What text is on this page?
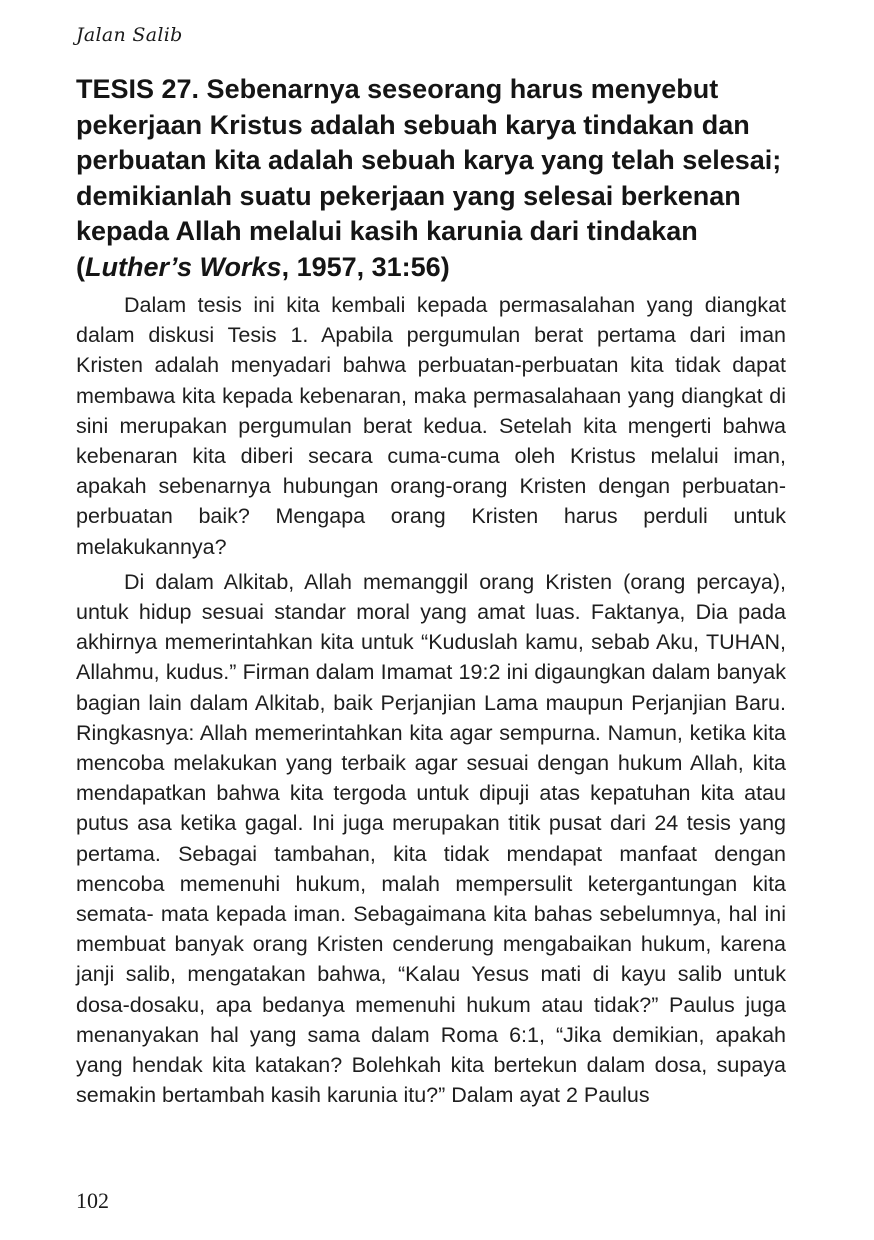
Jalan Salib
TESIS 27. Sebenarnya seseorang harus menyebut pekerjaan Kristus adalah sebuah karya tindakan dan perbuatan kita adalah sebuah karya yang telah selesai; demikianlah suatu pekerjaan yang selesai berkenan kepada Allah melalui kasih karunia dari tindakan (Luther’s Works, 1957, 31:56)

Dalam tesis ini kita kembali kepada permasalahan yang diangkat dalam diskusi Tesis 1. Apabila pergumulan berat pertama dari iman Kristen adalah menyadari bahwa perbuatan-perbuatan kita tidak dapat membawa kita kepada kebenaran, maka permasalahaan yang diangkat di sini merupakan pergumulan berat kedua. Setelah kita mengerti bahwa kebenaran kita diberi secara cuma-cuma oleh Kristus melalui iman, apakah sebenarnya hubungan orang-orang Kristen dengan perbuatan-perbuatan baik? Mengapa orang Kristen harus perduli untuk melakukannya?

Di dalam Alkitab, Allah memanggil orang Kristen (orang percaya), untuk hidup sesuai standar moral yang amat luas. Faktanya, Dia pada akhirnya memerintahkan kita untuk “Kuduslah kamu, sebab Aku, TUHAN, Allahmu, kudus.” Firman dalam Imamat 19:2 ini digaungkan dalam banyak bagian lain dalam Alkitab, baik Perjanjian Lama maupun Perjanjian Baru. Ringkasnya: Allah memerintahkan kita agar sempurna. Namun, ketika kita mencoba melakukan yang terbaik agar sesuai dengan hukum Allah, kita mendapatkan bahwa kita tergoda untuk dipuji atas kepatuhan kita atau putus asa ketika gagal. Ini juga merupakan titik pusat dari 24 tesis yang pertama. Sebagai tambahan, kita tidak mendapat manfaat dengan mencoba memenuhi hukum, malah mempersulit ketergantungan kita semata- mata kepada iman. Sebagaimana kita bahas sebelumnya, hal ini membuat banyak orang Kristen cenderung mengabaikan hukum, karena janji salib, mengatakan bahwa, “Kalau Yesus mati di kayu salib untuk dosa-dosaku, apa bedanya memenuhi hukum atau tidak?” Paulus juga menanyakan hal yang sama dalam Roma 6:1, “Jika demikian, apakah yang hendak kita katakan? Bolehkah kita bertekun dalam dosa, supaya semakin bertambah kasih karunia itu?” Dalam ayat 2 Paulus

102
